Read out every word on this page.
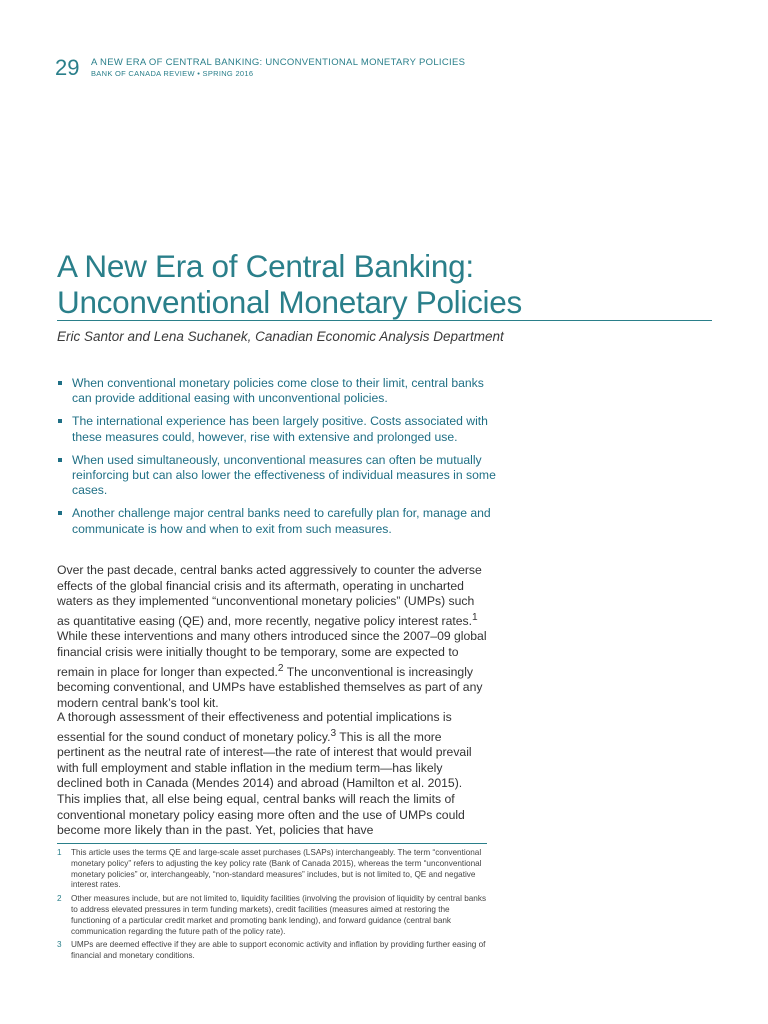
29 A NEW ERA OF CENTRAL BANKING: UNCONVENTIONAL MONETARY POLICIES
BANK OF CANADA REVIEW • SPRING 2016
A New Era of Central Banking:
Unconventional Monetary Policies
Eric Santor and Lena Suchanek, Canadian Economic Analysis Department
When conventional monetary policies come close to their limit, central banks can provide additional easing with unconventional policies.
The international experience has been largely positive. Costs associated with these measures could, however, rise with extensive and prolonged use.
When used simultaneously, unconventional measures can often be mutually reinforcing but can also lower the effectiveness of individual measures in some cases.
Another challenge major central banks need to carefully plan for, manage and communicate is how and when to exit from such measures.

Over the past decade, central banks acted aggressively to counter the adverse effects of the global financial crisis and its aftermath, operating in uncharted waters as they implemented “unconventional monetary policies” (UMPs) such as quantitative easing (QE) and, more recently, negative policy interest rates.$^1$ While these interventions and many others introduced since the 2007–09 global financial crisis were initially thought to be temporary, some are expected to remain in place for longer than expected.$^2$ The unconventional is increasingly becoming conventional, and UMPs have established themselves as part of any modern central bank’s tool kit.

A thorough assessment of their effectiveness and potential implications is essential for the sound conduct of monetary policy.$^3$ This is all the more pertinent as the neutral rate of interest—the rate of interest that would prevail with full employment and stable inflation in the medium term—has likely declined both in Canada (Mendes 2014) and abroad (Hamilton et al. 2015). This implies that, all else being equal, central banks will reach the limits of conventional monetary policy easing more often and the use of UMPs could become more likely than in the past. Yet, policies that have

1 This article uses the terms QE and large-scale asset purchases (LSAPs) interchangeably. The term “conventional monetary policy” refers to adjusting the key policy rate (Bank of Canada 2015), whereas the term “unconventional monetary policies” or, interchangeably, “non-standard measures” includes, but is not limited to, QE and negative interest rates.
2 Other measures include, but are not limited to, liquidity facilities (involving the provision of liquidity by central banks to address elevated pressures in term funding markets), credit facilities (measures aimed at restoring the functioning of a particular credit market and promoting bank lending), and forward guidance (central bank communication regarding the future path of the policy rate).
3 UMPs are deemed effective if they are able to support economic activity and inflation by providing further easing of financial and monetary conditions.
